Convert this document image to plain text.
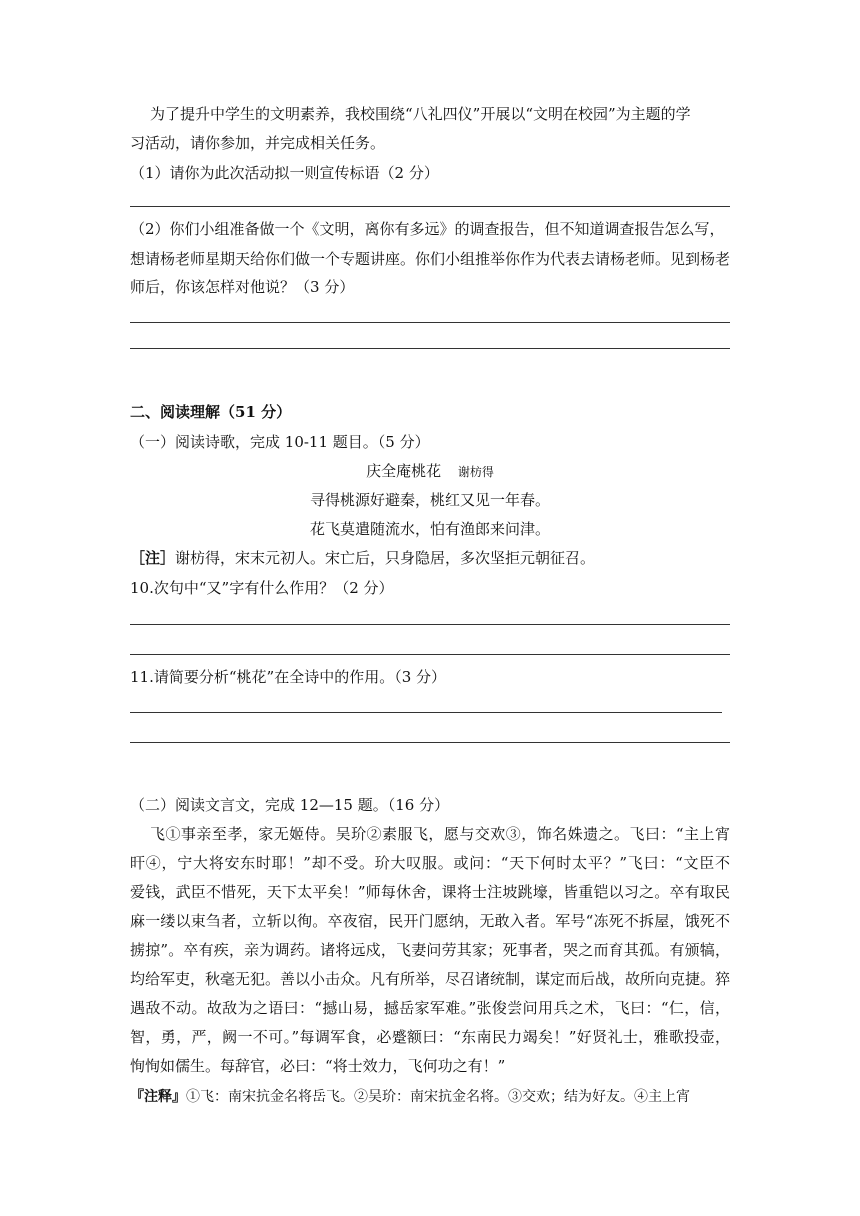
为了提升中学生的文明素养，我校围绕“八礼四仪”开展以“文明在校园”为主题的学
习活动，请你参加，并完成相关任务。
（1）请你为此次活动拟一则宣传标语（2 分）
（2）你们小组准备做一个《文明，离你有多远》的调查报告，但不知道调查报告怎么写，
想请杨老师星期天给你们做一个专题讲座。你们小组推举你作为代表去请杨老师。见到杨老
师后，你该怎样对他说？（3 分）
二、阅读理解（51 分）
（一）阅读诗歌，完成 10-11 题目。（5 分）
庆全庵桃花 谢枋得
寻得桃源好避秦，桃红又见一年春。
花飞莫遣随流水，怕有渔郎来问津。
［注］谢枋得，宋末元初人。宋亡后，只身隐居，多次坚拒元朝征召。
10.次句中“又”字有什么作用？（2 分）
11.请简要分析“桃花”在全诗中的作用。（3 分）
（二）阅读文言文，完成 12—15 题。（16 分）
飞①事亲至孝，家无姬侍。吴玠②素服飞，愿与交欢③，饰名姝遗之。飞曰：“主上宵
旰④，宁大将安东时耶！”却不受。玠大叹服。或问：“天下何时太平？”飞曰：“文臣不
爱钱，武臣不惜死，天下太平矣！”师每休舍，课将士注坡跳壕，皆重铠以习之。卒有取民
麻一缕以束刍者，立斩以徇。卒夜宿，民开门愿纳，无敢入者。军号“冻死不拆屋，饿死不
掳掠”。卒有疾，亲为调药。诸将远戍，飞妻问劳其家；死事者，哭之而育其孤。有颁犒，
均给军吏，秋毫无犯。善以小击众。凡有所举，尽召诸统制，谋定而后战，故所向克捷。猝
遇敌不动。故敌为之语曰：“撼山易，撼岳家军难。”张俊尝问用兵之术，飞曰：“仁，信，
智，勇，严，阙一不可。”每调军食，必蹙额曰：“东南民力竭矣！”好贤礼士，雅歌投壶，
恂恂如儒生。每辞官，必曰：“将士效力，飞何功之有！”
『注释』①飞：南宋抗金名将岳飞。②吴玠：南宋抗金名将。③交欢；结为好友。④主上宵
